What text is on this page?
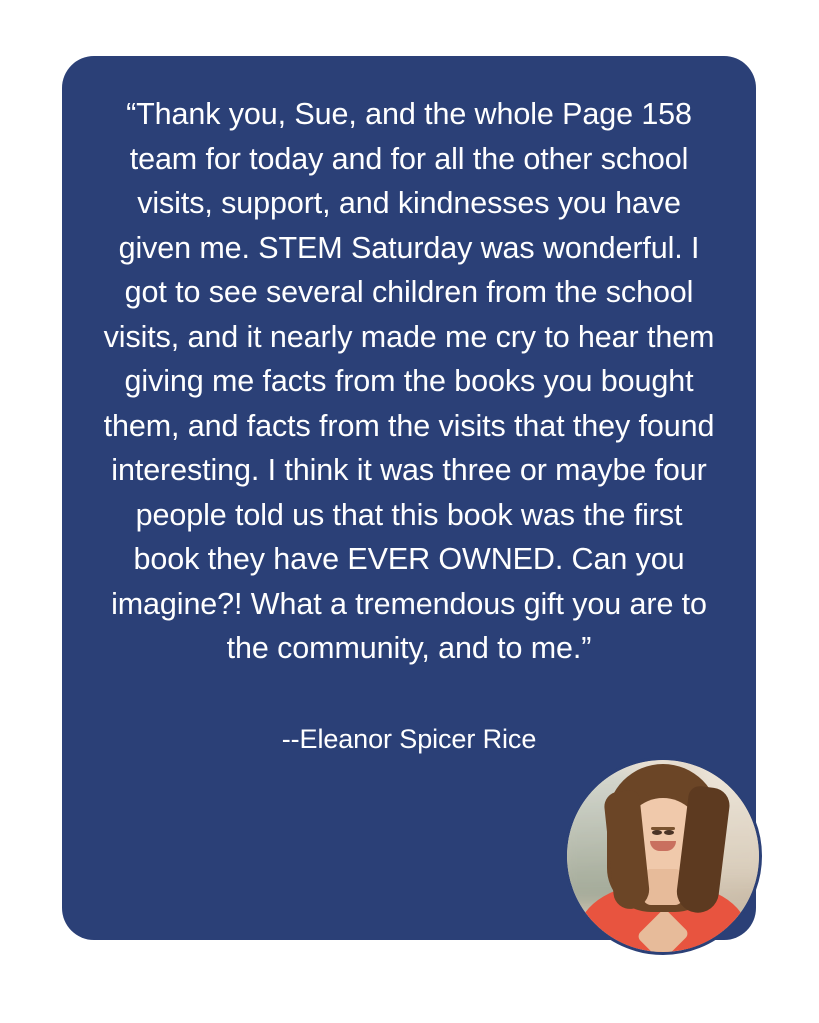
“Thank you, Sue, and the whole Page 158 team for today and for all the other school visits, support, and kindnesses you have given me. STEM Saturday was wonderful. I got to see several children from the school visits, and it nearly made me cry to hear them giving me facts from the books you bought them, and facts from the visits that they found interesting. I think it was three or maybe four people told us that this book was the first book they have EVER OWNED. Can you imagine?! What a tremendous gift you are to the community, and to me.”

--Eleanor Spicer Rice
